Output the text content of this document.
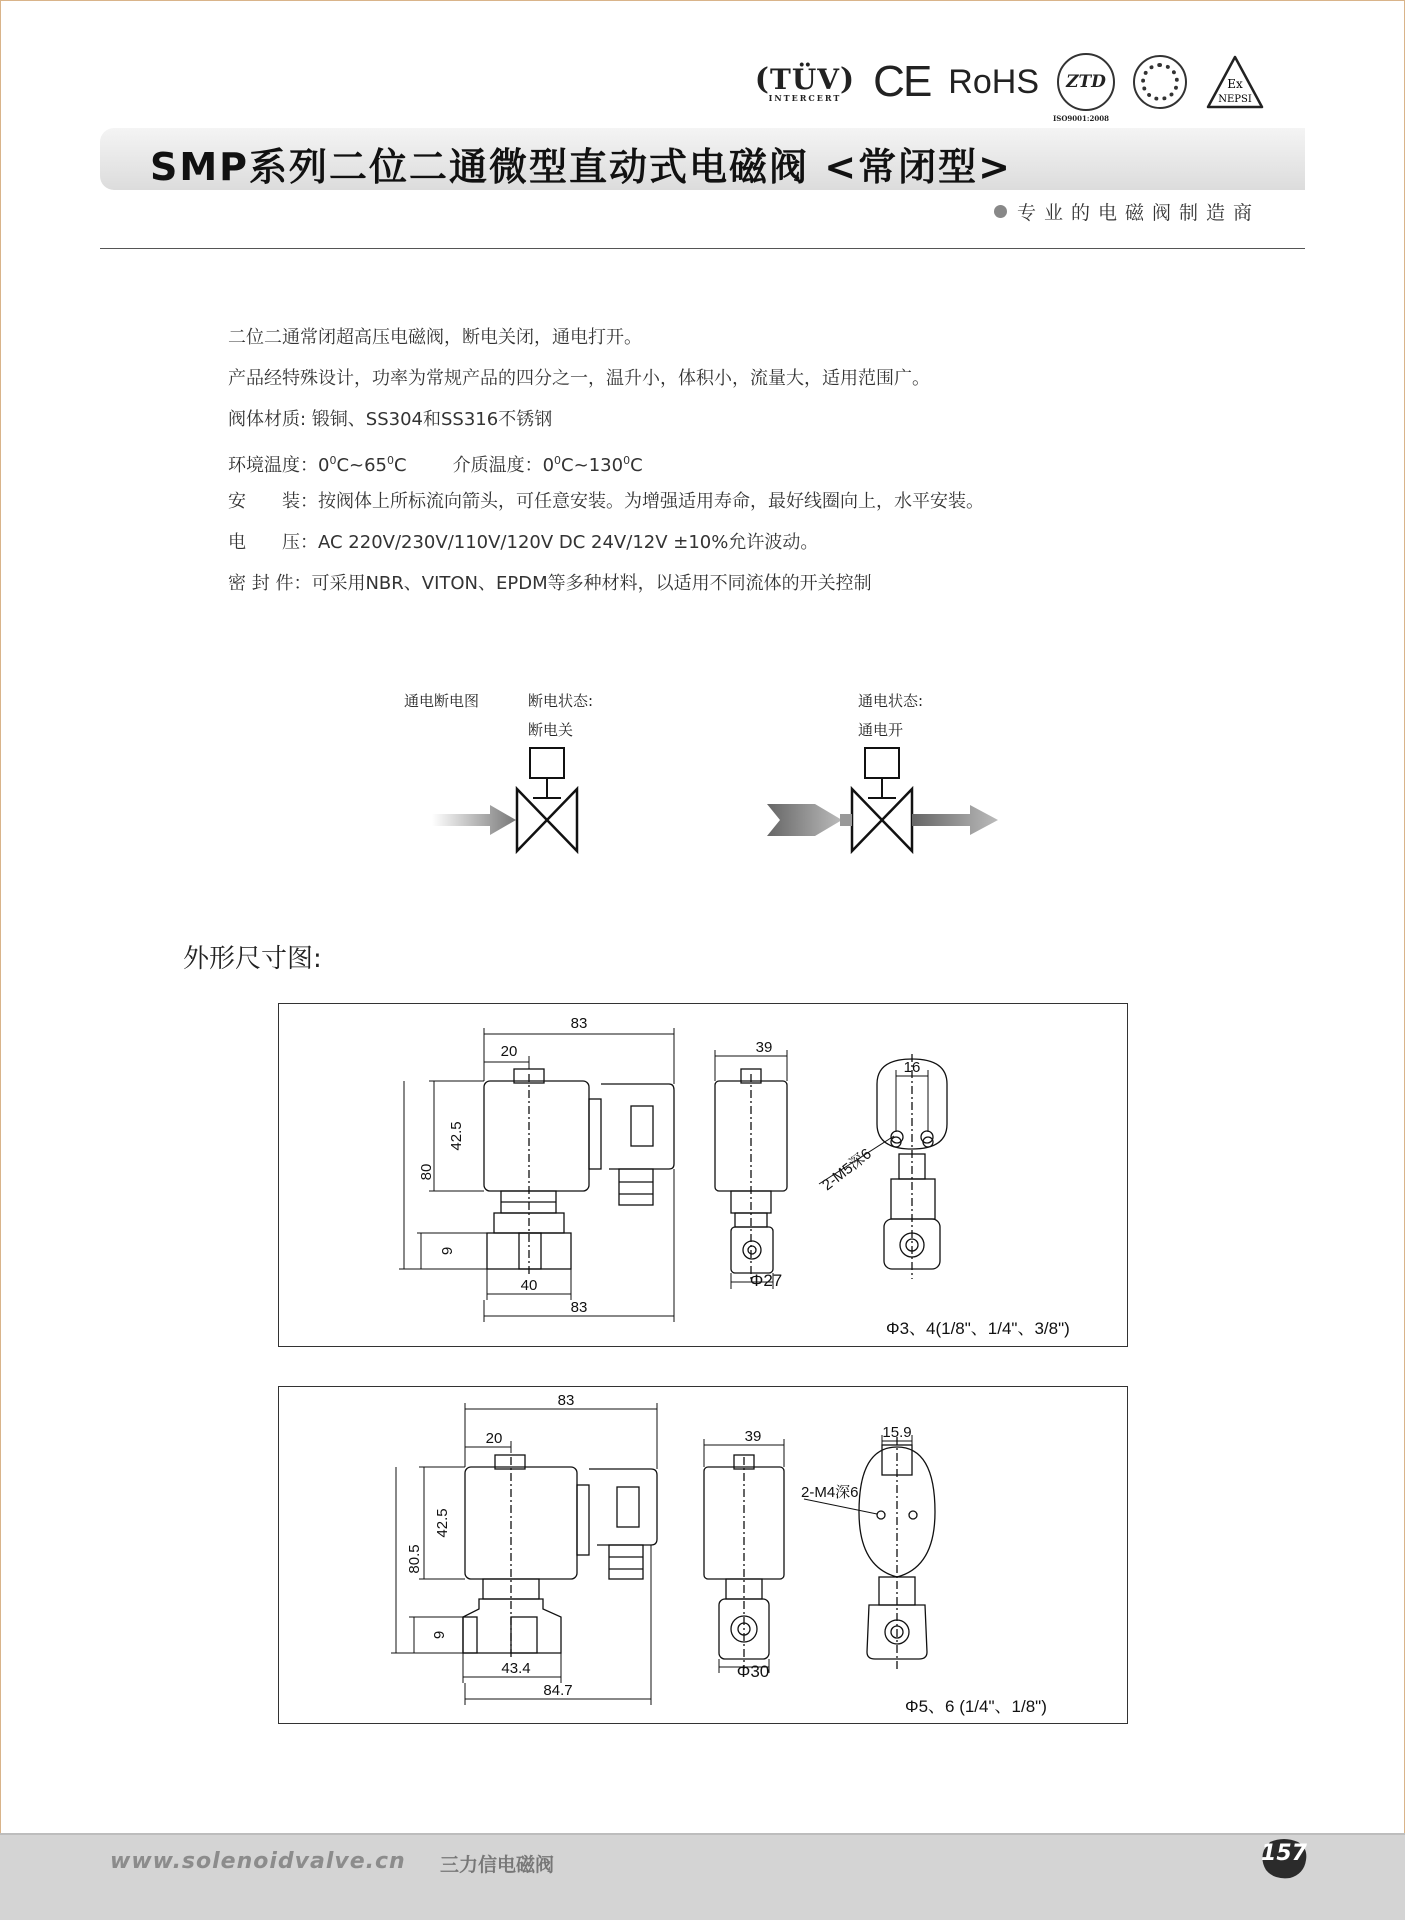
(TÜV)
INTERCERT CE RoHS ZTD
ISO9001:2008
Ex
NEPSI
SMP系列二位二通微型直动式电磁阀 <常闭型>
专业的电磁阀制造商

二位二通常闭超高压电磁阀，断电关闭，通电打开。

产品经特殊设计，功率为常规产品的四分之一，温升小，体积小，流量大，适用范围广。

阀体材质: 锻铜、SS304和SS316不锈钢

环境温度：$0^0C\sim 65^0C$	介质温度：$0^0C\sim 130^0C$

安　　装：按阀体上所标流向箭头，可任意安装。为增强适用寿命，最好线圈向上，水平安装。

电　　压：AC 220V/230V/110V/120V DC 24V/12V ±10%允许波动。

密 封 件：可采用NBR、VITON、EPDM等多种材料，以适用不同流体的开关控制

通电断电图	断电状态:
断电关
通电状态:
通电开
外形尺寸图:
83
20
42.5
80
9
40
83
39
Φ27
16
2-M5深6
Φ3、4(1/8"、1/4"、3/8")
83
20
42.5
80.5
9
43.4
84.7
39
Φ30
15.9
2-M4深6
Φ5、6 (1/4"、1/8")
www.solenoidvalve.cn 三力信电磁阀	157
